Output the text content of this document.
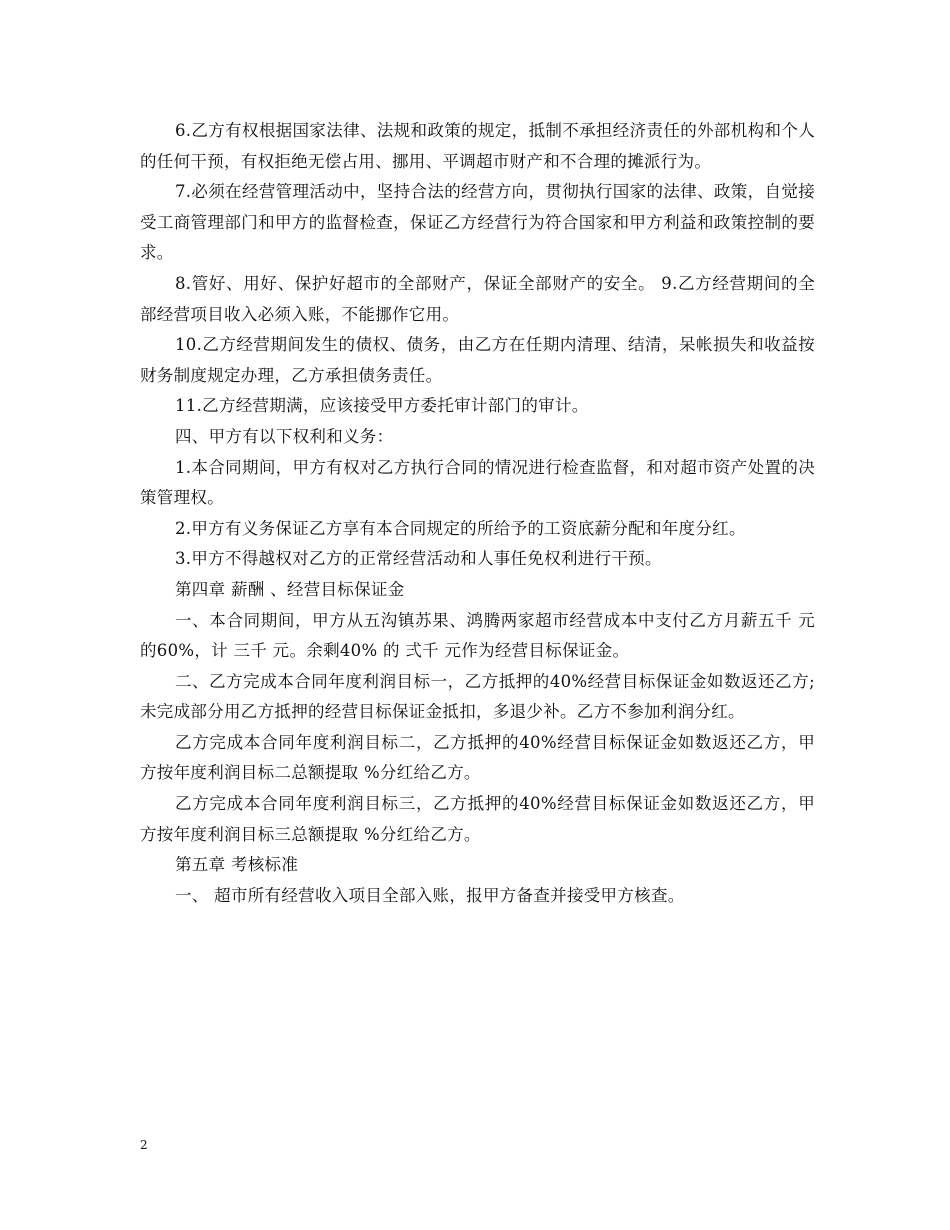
6.乙方有权根据国家法律、法规和政策的规定，抵制不承担经济责任的外部机构和个人的任何干预，有权拒绝无偿占用、挪用、平调超市财产和不合理的摊派行为。

7.必须在经营管理活动中，坚持合法的经营方向，贯彻执行国家的法律、政策，自觉接受工商管理部门和甲方的监督检查，保证乙方经营行为符合国家和甲方利益和政策控制的要求。

8.管好、用好、保护好超市的全部财产，保证全部财产的安全。 9.乙方经营期间的全部经营项目收入必须入账，不能挪作它用。

10.乙方经营期间发生的债权、债务，由乙方在任期内清理、结清，呆帐损失和收益按财务制度规定办理，乙方承担债务责任。

11.乙方经营期满，应该接受甲方委托审计部门的审计。

四、甲方有以下权利和义务：

1.本合同期间，甲方有权对乙方执行合同的情况进行检查监督，和对超市资产处置的决策管理权。

2.甲方有义务保证乙方享有本合同规定的所给予的工资底薪分配和年度分红。

3.甲方不得越权对乙方的正常经营活动和人事任免权利进行干预。

第四章 薪酬 、经营目标保证金

一、本合同期间，甲方从五沟镇苏果、鸿腾两家超市经营成本中支付乙方月薪五千 元的60%，计 三千 元。余剩40% 的 弍千 元作为经营目标保证金。

二、乙方完成本合同年度利润目标一，乙方抵押的40%经营目标保证金如数返还乙方;未完成部分用乙方抵押的经营目标保证金抵扣，多退少补。乙方不参加利润分红。

乙方完成本合同年度利润目标二，乙方抵押的40%经营目标保证金如数返还乙方，甲方按年度利润目标二总额提取 %分红给乙方。

乙方完成本合同年度利润目标三，乙方抵押的40%经营目标保证金如数返还乙方，甲方按年度利润目标三总额提取 %分红给乙方。

第五章 考核标准

一、 超市所有经营收入项目全部入账，报甲方备查并接受甲方核查。

2
